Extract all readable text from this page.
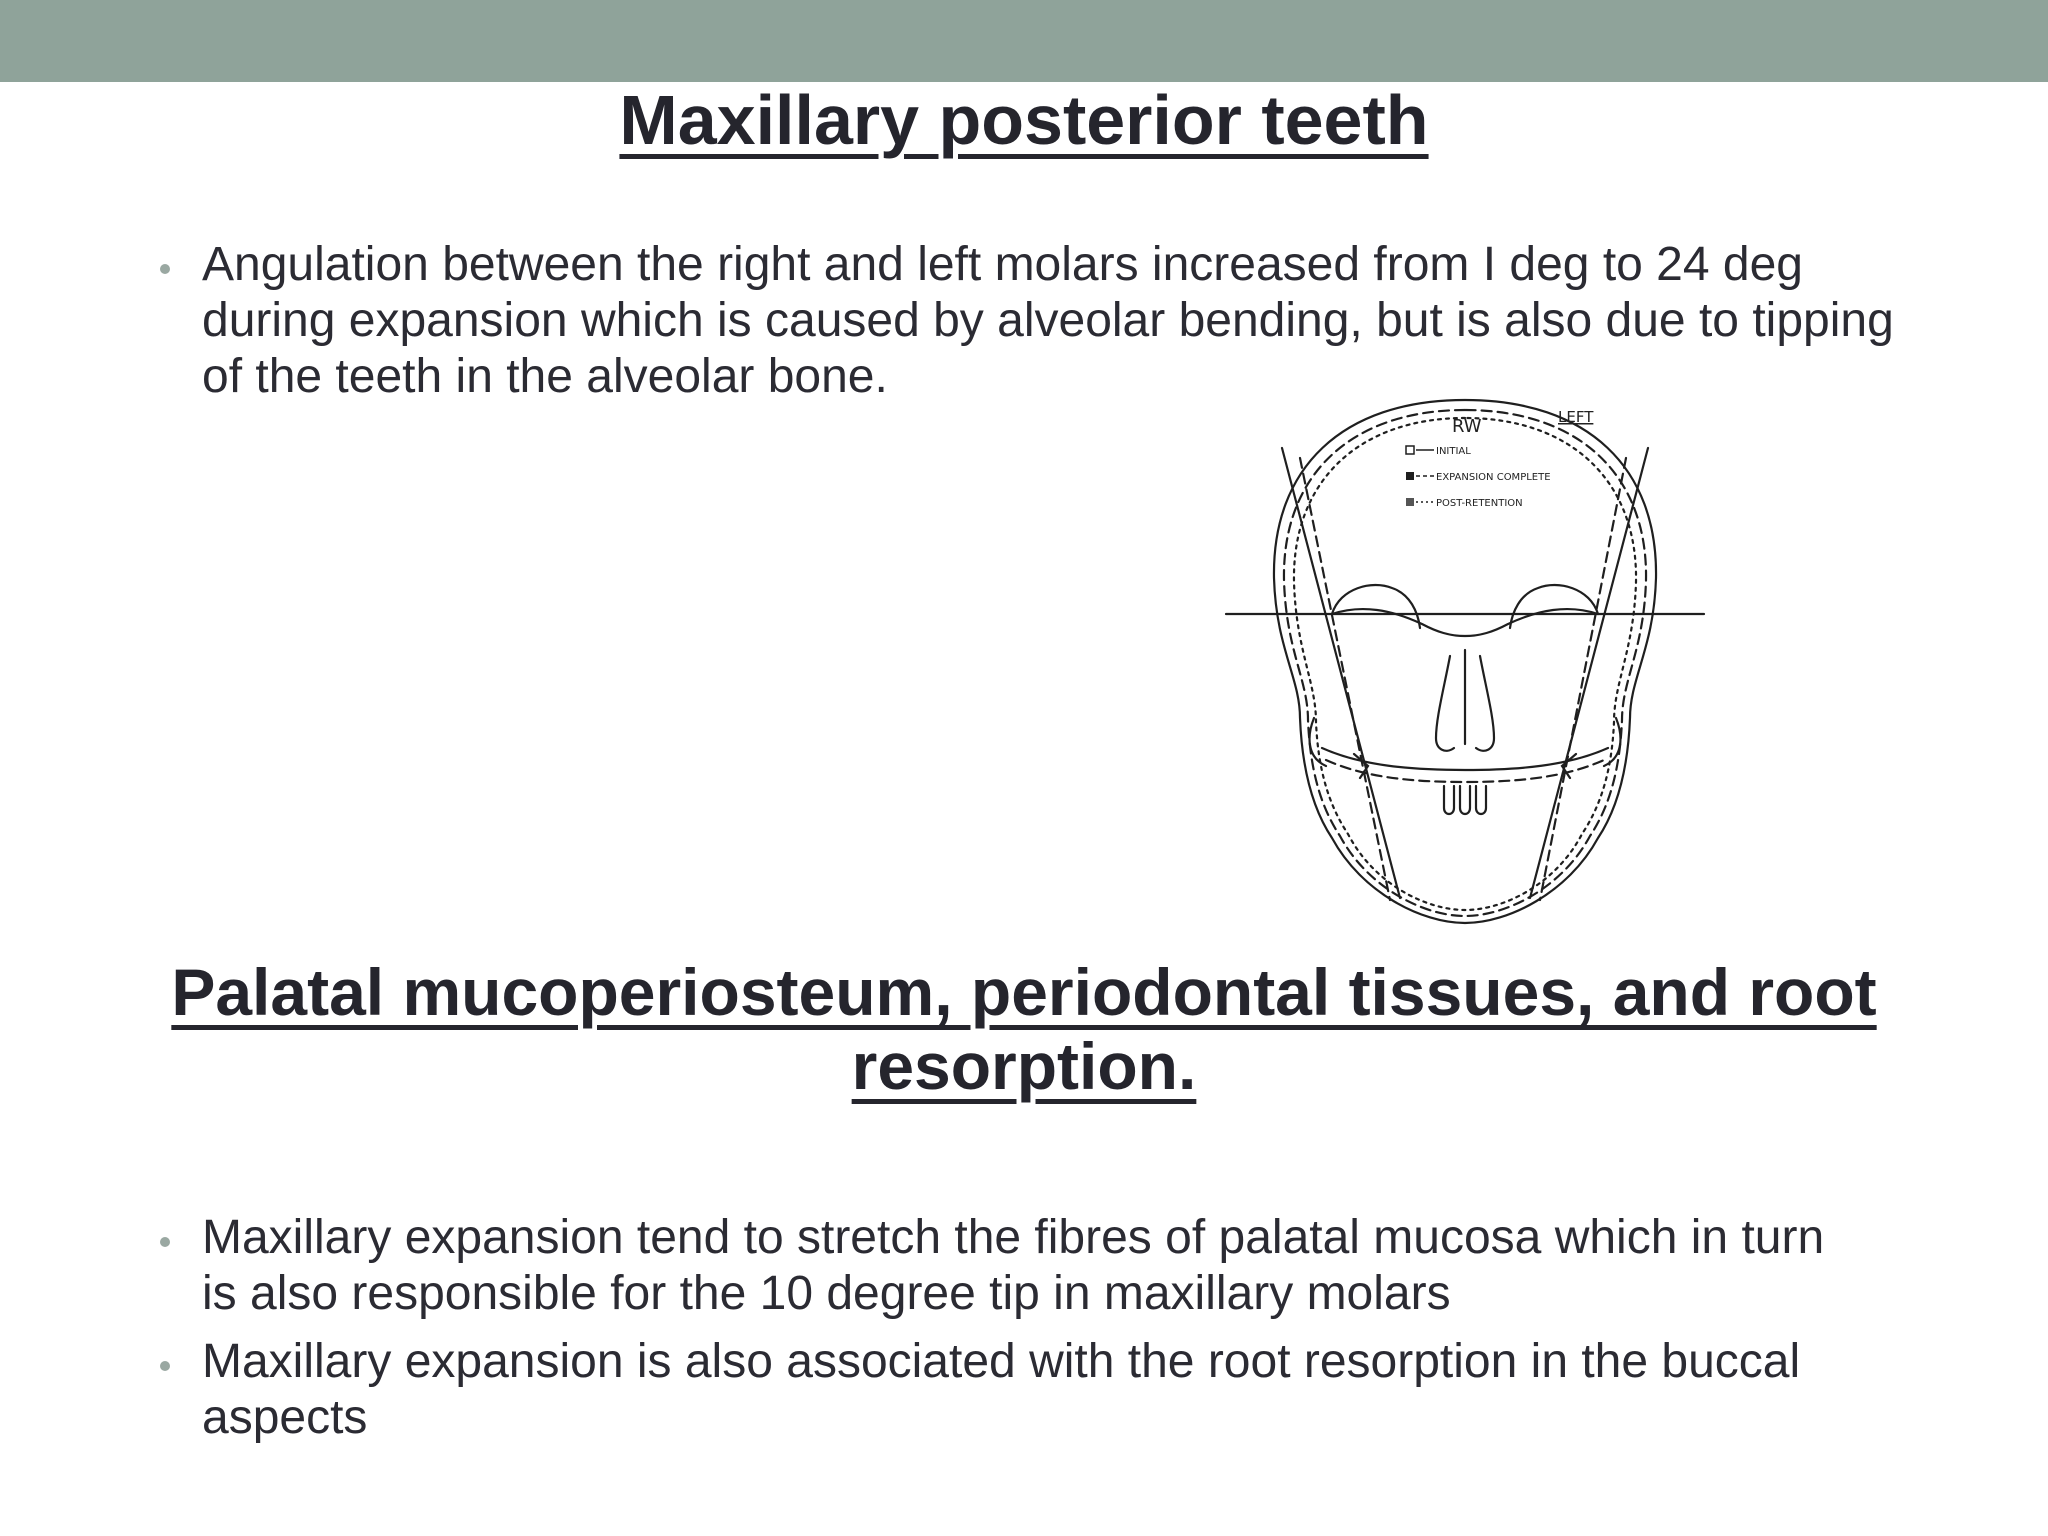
Maxillary posterior teeth
Angulation between the right and left molars increased from I deg to 24 deg during expansion which is caused by alveolar bending, but is also due to tipping of the teeth in the alveolar bone.
INITIAL
EXPANSION COMPLETE
POST-RETENTION
RW	LEFT
Palatal mucoperiosteum, periodontal tissues, and root resorption.
Maxillary expansion tend to stretch the fibres of palatal mucosa which in turn is also responsible for the 10 degree tip in maxillary molars
Maxillary expansion is also associated with the root resorption in the buccal aspects
